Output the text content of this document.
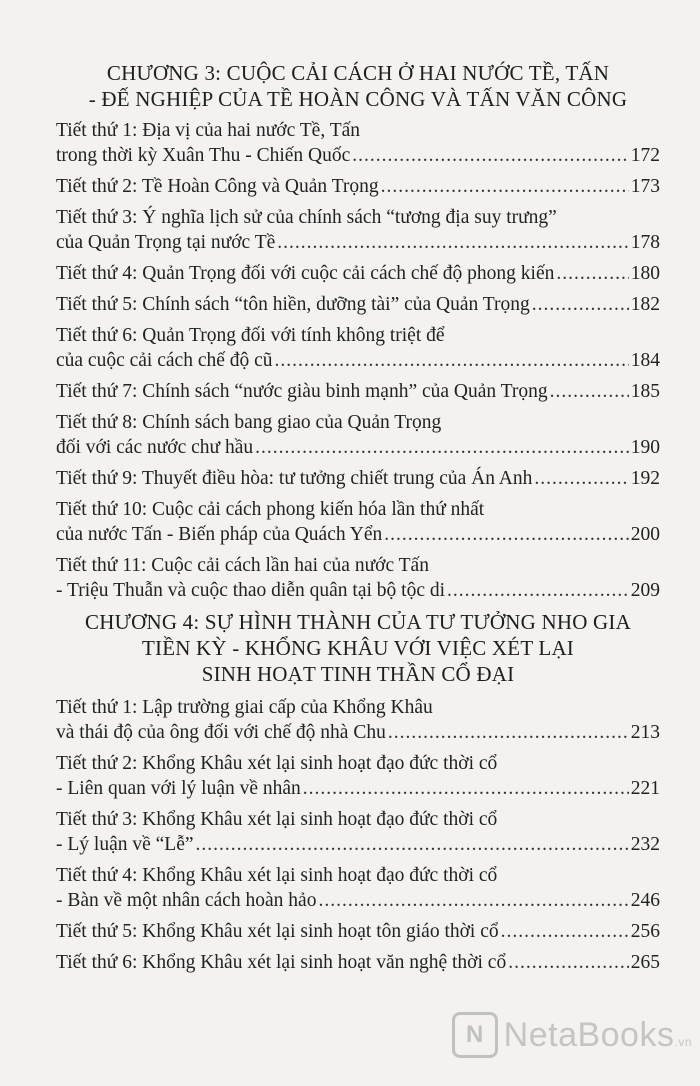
CHƯƠNG 3: CUỘC CẢI CÁCH Ở HAI NƯỚC TỀ, TẤN
- ĐẾ NGHIỆP CỦA TỀ HOÀN CÔNG VÀ TẤN VĂN CÔNG
Tiết thứ 1: Địa vị của hai nước Tề, Tấn
trong thời kỳ Xuân Thu - Chiến Quốc .....	172
Tiết thứ 2: Tề Hoàn Công và Quản Trọng .....	173
Tiết thứ 3: Ý nghĩa lịch sử của chính sách “tương địa suy trưng”
của Quản Trọng tại nước Tề .....	178
Tiết thứ 4: Quản Trọng đối với cuộc cải cách chế độ phong kiến .....	180
Tiết thứ 5: Chính sách “tôn hiền, dưỡng tài” của Quản Trọng .....	182
Tiết thứ 6: Quản Trọng đối với tính không triệt để
của cuộc cải cách chế độ cũ .....	184
Tiết thứ 7: Chính sách “nước giàu binh mạnh” của Quản Trọng .....	185
Tiết thứ 8: Chính sách bang giao của Quản Trọng
đối với các nước chư hầu .....	190
Tiết thứ 9: Thuyết điều hòa: tư tưởng chiết trung của Án Anh .....	192
Tiết thứ 10: Cuộc cải cách phong kiến hóa lần thứ nhất
của nước Tấn - Biến pháp của Quách Yển .....	200
Tiết thứ 11: Cuộc cải cách lần hai của nước Tấn
- Triệu Thuẫn và cuộc thao diễn quân tại bộ tộc di .....	209
CHƯƠNG 4: SỰ HÌNH THÀNH CỦA TƯ TƯỞNG NHO GIA
TIỀN KỲ - KHỔNG KHÂU VỚI VIỆC XÉT LẠI
SINH HOẠT TINH THẦN CỔ ĐẠI
Tiết thứ 1: Lập trường giai cấp của Khổng Khâu
và thái độ của ông đối với chế độ nhà Chu .....	213
Tiết thứ 2: Khổng Khâu xét lại sinh hoạt đạo đức thời cổ
- Liên quan với lý luận về nhân .....	221
Tiết thứ 3: Khổng Khâu xét lại sinh hoạt đạo đức thời cổ
- Lý luận về “Lễ” .....	232
Tiết thứ 4: Khổng Khâu xét lại sinh hoạt đạo đức thời cổ
- Bàn về một nhân cách hoàn hảo .....	246
Tiết thứ 5: Khổng Khâu xét lại sinh hoạt tôn giáo thời cổ .....	256
Tiết thứ 6: Khổng Khâu xét lại sinh hoạt văn nghệ thời cổ .....	265
N NetaBooks.vn
